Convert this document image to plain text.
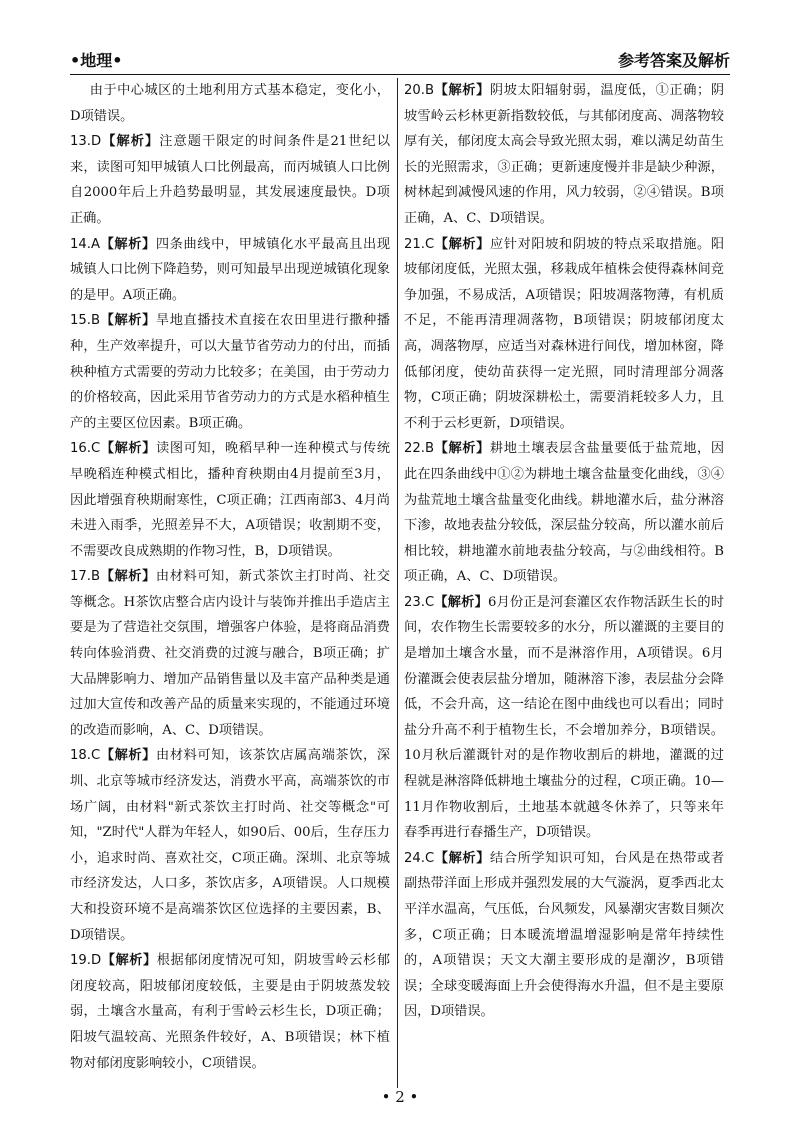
•地理•	参考答案及解析

由于中心城区的土地利用方式基本稳定，变化小，D项错误。

13.D【解析】注意题干限定的时间条件是21世纪以来，读图可知甲城镇人口比例最高，而丙城镇人口比例自2000年后上升趋势最明显，其发展速度最快。D项正确。

14.A【解析】四条曲线中，甲城镇化水平最高且出现城镇人口比例下降趋势，则可知最早出现逆城镇化现象的是甲。A项正确。

15.B【解析】旱地直播技术直接在农田里进行撒种播种，生产效率提升，可以大量节省劳动力的付出，而插秧种植方式需要的劳动力比较多；在美国，由于劳动力的价格较高，因此采用节省劳动力的方式是水稻种植生产的主要区位因素。B项正确。

16.C【解析】读图可知，晚稻早种一连种模式与传统早晚稻连种模式相比，播种育秧期由4月提前至3月，因此增强育秧期耐寒性，C项正确；江西南部3、4月尚未进入雨季，光照差异不大，A项错误；收割期不变，不需要改良成熟期的作物习性，B，D项错误。

17.B【解析】由材料可知，新式茶饮主打时尚、社交等概念。H茶饮店整合店内设计与装饰并推出手造店主要是为了营造社交氛围，增强客户体验，是将商品消费转向体验消费、社交消费的过渡与融合，B项正确；扩大品牌影响力、增加产品销售量以及丰富产品种类是通过加大宣传和改善产品的质量来实现的，不能通过环境的改造而影响，A、C、D项错误。

18.C【解析】由材料可知，该茶饮店属高端茶饮，深圳、北京等城市经济发达，消费水平高，高端茶饮的市场广阔，由材料"新式茶饮主打时尚、社交等概念"可知，"Z时代"人群为年轻人，如90后、00后，生存压力小，追求时尚、喜欢社交，C项正确。深圳、北京等城市经济发达，人口多，茶饮店多，A项错误。人口规模大和投资环境不是高端茶饮区位选择的主要因素，B、D项错误。

19.D【解析】根据郁闭度情况可知，阴坡雪岭云杉郁闭度较高，阳坡郁闭度较低，主要是由于阴坡蒸发较弱，土壤含水量高，有利于雪岭云杉生长，D项正确；阳坡气温较高、光照条件较好，A、B项错误；林下植物对郁闭度影响较小，C项错误。

20.B【解析】阴坡太阳辐射弱，温度低，①正确；阴坡雪岭云杉林更新指数较低，与其郁闭度高、凋落物较厚有关，郁闭度太高会导致光照太弱，难以满足幼苗生长的光照需求，③正确；更新速度慢并非是缺少种源，树林起到减慢风速的作用，风力较弱，②④错误。B项正确，A、C、D项错误。

21.C【解析】应针对阳坡和阴坡的特点采取措施。阳坡郁闭度低，光照太强，移栽成年植株会使得森林间竞争加强，不易成活，A项错误；阳坡凋落物薄，有机质不足，不能再清理凋落物，B项错误；阴坡郁闭度太高，凋落物厚，应适当对森林进行间伐，增加林窗，降低郁闭度，使幼苗获得一定光照，同时清理部分凋落物，C项正确；阴坡深耕松土，需要消耗较多人力，且不利于云杉更新，D项错误。

22.B【解析】耕地土壤表层含盐量要低于盐荒地，因此在四条曲线中①②为耕地土壤含盐量变化曲线，③④为盐荒地土壤含盐量变化曲线。耕地灌水后，盐分淋溶下渗，故地表盐分较低，深层盐分较高，所以灌水前后相比较，耕地灌水前地表盐分较高，与②曲线相符。B项正确，A、C、D项错误。

23.C【解析】6月份正是河套灌区农作物活跃生长的时间，农作物生长需要较多的水分，所以灌溉的主要目的是增加土壤含水量，而不是淋溶作用，A项错误。6月份灌溉会使表层盐分增加，随淋溶下渗，表层盐分会降低，不会升高，这一结论在图中曲线也可以看出；同时盐分升高不利于植物生长，不会增加养分，B项错误。10月秋后灌溉针对的是作物收割后的耕地，灌溉的过程就是淋溶降低耕地土壤盐分的过程，C项正确。10—11月作物收割后，土地基本就越冬休养了，只等来年春季再进行春播生产，D项错误。

24.C【解析】结合所学知识可知，台风是在热带或者副热带洋面上形成并强烈发展的大气漩涡，夏季西北太平洋水温高，气压低，台风频发，风暴潮灾害数目频次多，C项正确；日本暖流增温增湿影响是常年持续性的，A项错误；天文大潮主要形成的是潮汐，B项错误；全球变暖海面上升会使得海水升温，但不是主要原因，D项错误。

• 2 •
